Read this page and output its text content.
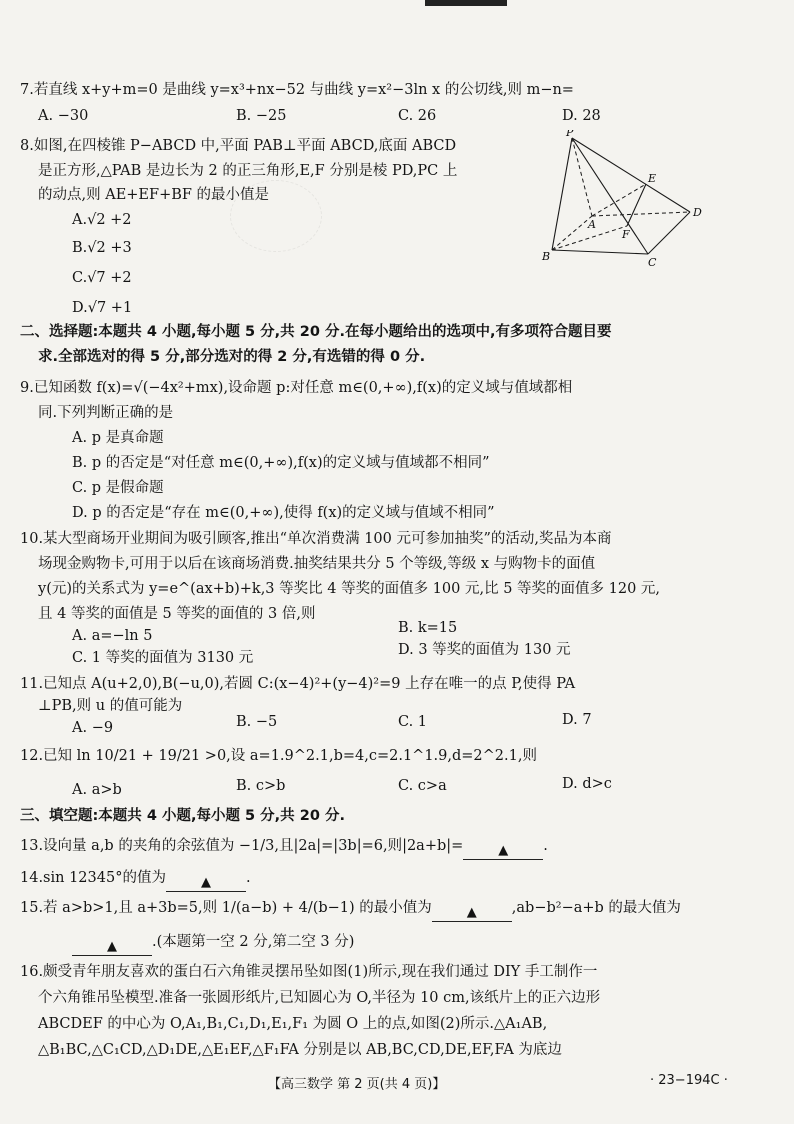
7.若直线 x+y+m=0 是曲线 y=x³+nx−52 与曲线 y=x²−3ln x 的公切线,则 m−n=
A. −30	B. −25	C. 26	D. 28
8.如图,在四棱锥 P−ABCD 中,平面 PAB⊥平面 ABCD,底面 ABCD
是正方形,△PAB 是边长为 2 的正三角形,E,F 分别是棱 PD,PC 上
的动点,则 AE+EF+BF 的最小值是
A.√2 +2
B.√2 +3
C.√7 +2
D.√7 +1
P
E
A
F
D
B	C
二、选择题:本题共 4 小题,每小题 5 分,共 20 分.在每小题给出的选项中,有多项符合题目要
求.全部选对的得 5 分,部分选对的得 2 分,有选错的得 0 分.
9.已知函数 f(x)=√(−4x²+mx),设命题 p:对任意 m∈(0,+∞),f(x)的定义域与值域都相
同.下列判断正确的是
A. p 是真命题
B. p 的否定是“对任意 m∈(0,+∞),f(x)的定义域与值域都不相同”
C. p 是假命题
D. p 的否定是“存在 m∈(0,+∞),使得 f(x)的定义域与值域不相同”
10.某大型商场开业期间为吸引顾客,推出“单次消费满 100 元可参加抽奖”的活动,奖品为本商
场现金购物卡,可用于以后在该商场消费.抽奖结果共分 5 个等级,等级 x 与购物卡的面值
y(元)的关系式为 y=e^(ax+b)+k,3 等奖比 4 等奖的面值多 100 元,比 5 等奖的面值多 120 元,
且 4 等奖的面值是 5 等奖的面值的 3 倍,则
A. a=−ln 5	B. k=15
C. 1 等奖的面值为 3130 元	D. 3 等奖的面值为 130 元
11.已知点 A(u+2,0),B(−u,0),若圆 C:(x−4)²+(y−4)²=9 上存在唯一的点 P,使得 PA
⊥PB,则 u 的值可能为
A. −9	B. −5	C. 1	D. 7
12.已知 ln 10/21 + 19/21 >0,设 a=1.9^2.1,b=4,c=2.1^1.9,d=2^2.1,则
A. a>b	B. c>b	C. c>a	D. d>c
三、填空题:本题共 4 小题,每小题 5 分,共 20 分.
13.设向量 a,b 的夹角的余弦值为 −1/3,且|2a|=|3b|=6,则|2a+b|=	▲ .
14.sin 12345°的值为	▲ .
15.若 a>b>1,且 a+3b=5,则 1/(a−b) + 4/(b−1) 的最小值为	▲ ,ab−b²−a+b 的最大值为
▲ .(本题第一空 2 分,第二空 3 分)
16.颇受青年朋友喜欢的蛋白石六角锥灵摆吊坠如图(1)所示,现在我们通过 DIY 手工制作一
个六角锥吊坠模型.准备一张圆形纸片,已知圆心为 O,半径为 10 cm,该纸片上的正六边形
ABCDEF 的中心为 O,A₁,B₁,C₁,D₁,E₁,F₁ 为圆 O 上的点,如图(2)所示.△A₁AB,
△B₁BC,△C₁CD,△D₁DE,△E₁EF,△F₁FA 分别是以 AB,BC,CD,DE,EF,FA 为底边
【高三数学 第 2 页(共 4 页)】	· 23−194C ·
